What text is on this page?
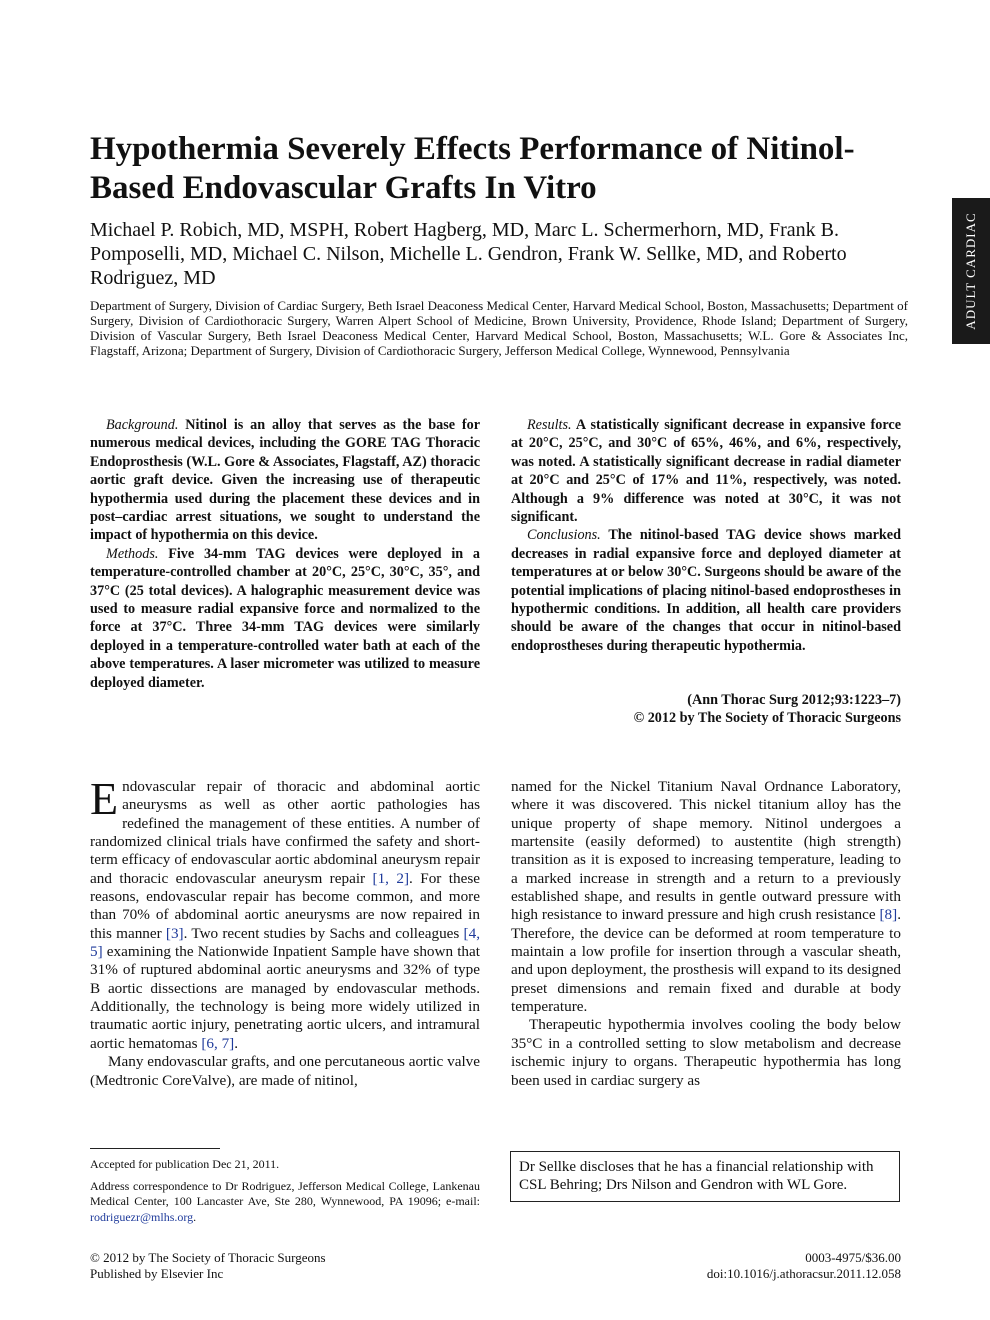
ADULT CARDIAC
Hypothermia Severely Effects Performance of Nitinol-Based Endovascular Grafts In Vitro

Michael P. Robich, MD, MSPH, Robert Hagberg, MD, Marc L. Schermerhorn, MD, Frank B. Pomposelli, MD, Michael C. Nilson, Michelle L. Gendron, Frank W. Sellke, MD, and Roberto Rodriguez, MD

Department of Surgery, Division of Cardiac Surgery, Beth Israel Deaconess Medical Center, Harvard Medical School, Boston, Massachusetts; Department of Surgery, Division of Cardiothoracic Surgery, Warren Alpert School of Medicine, Brown University, Providence, Rhode Island; Department of Surgery, Division of Vascular Surgery, Beth Israel Deaconess Medical Center, Harvard Medical School, Boston, Massachusetts; W.L. Gore & Associates Inc, Flagstaff, Arizona; Department of Surgery, Division of Cardiothoracic Surgery, Jefferson Medical College, Wynnewood, Pennsylvania

Background. Nitinol is an alloy that serves as the base for numerous medical devices, including the GORE TAG Thoracic Endoprosthesis (W.L. Gore & Associates, Flagstaff, AZ) thoracic aortic graft device. Given the increasing use of therapeutic hypothermia used during the placement these devices and in post–cardiac arrest situations, we sought to understand the impact of hypothermia on this device.

Methods. Five 34-mm TAG devices were deployed in a temperature-controlled chamber at 20°C, 25°C, 30°C, 35°, and 37°C (25 total devices). A halographic measurement device was used to measure radial expansive force and normalized to the force at 37°C. Three 34-mm TAG devices were similarly deployed in a temperature-controlled water bath at each of the above temperatures. A laser micrometer was utilized to measure deployed diameter.

Results. A statistically significant decrease in expansive force at 20°C, 25°C, and 30°C of 65%, 46%, and 6%, respectively, was noted. A statistically significant decrease in radial diameter at 20°C and 25°C of 17% and 11%, respectively, was noted. Although a 9% difference was noted at 30°C, it was not significant.

Conclusions. The nitinol-based TAG device shows marked decreases in radial expansive force and deployed diameter at temperatures at or below 30°C. Surgeons should be aware of the potential implications of placing nitinol-based endoprostheses in hypothermic conditions. In addition, all health care providers should be aware of the changes that occur in nitinol-based endoprostheses during therapeutic hypothermia.

(Ann Thorac Surg 2012;93:1223–7)
© 2012 by The Society of Thoracic Surgeons

Endovascular repair of thoracic and abdominal aortic aneurysms as well as other aortic pathologies has redefined the management of these entities. A number of randomized clinical trials have confirmed the safety and short-term efficacy of endovascular aortic abdominal aneurysm repair and thoracic endovascular aneurysm repair [1, 2]. For these reasons, endovascular repair has become common, and more than 70% of abdominal aortic aneurysms are now repaired in this manner [3]. Two recent studies by Sachs and colleagues [4, 5] examining the Nationwide Inpatient Sample have shown that 31% of ruptured abdominal aortic aneurysms and 32% of type B aortic dissections are managed by endovascular methods. Additionally, the technology is being more widely utilized in traumatic aortic injury, penetrating aortic ulcers, and intramural aortic hematomas [6, 7].

Many endovascular grafts, and one percutaneous aortic valve (Medtronic CoreValve), are made of nitinol,

named for the Nickel Titanium Naval Ordnance Laboratory, where it was discovered. This nickel titanium alloy has the unique property of shape memory. Nitinol undergoes a martensite (easily deformed) to austentite (high strength) transition as it is exposed to increasing temperature, leading to a marked increase in strength and a return to a previously established shape, and results in gentle outward pressure with high resistance to inward pressure and high crush resistance [8]. Therefore, the device can be deformed at room temperature to maintain a low profile for insertion through a vascular sheath, and upon deployment, the prosthesis will expand to its designed preset dimensions and remain fixed and durable at body temperature.

Therapeutic hypothermia involves cooling the body below 35°C in a controlled setting to slow metabolism and decrease ischemic injury to organs. Therapeutic hypothermia has long been used in cardiac surgery as

Accepted for publication Dec 21, 2011.

Address correspondence to Dr Rodriguez, Jefferson Medical College, Lankenau Medical Center, 100 Lancaster Ave, Ste 280, Wynnewood, PA 19096; e-mail: rodriguezr@mlhs.org.

Dr Sellke discloses that he has a financial relationship with CSL Behring; Drs Nilson and Gendron with WL Gore.
© 2012 by The Society of Thoracic Surgeons
Published by Elsevier Inc
0003-4975/$36.00
doi:10.1016/j.athoracsur.2011.12.058
